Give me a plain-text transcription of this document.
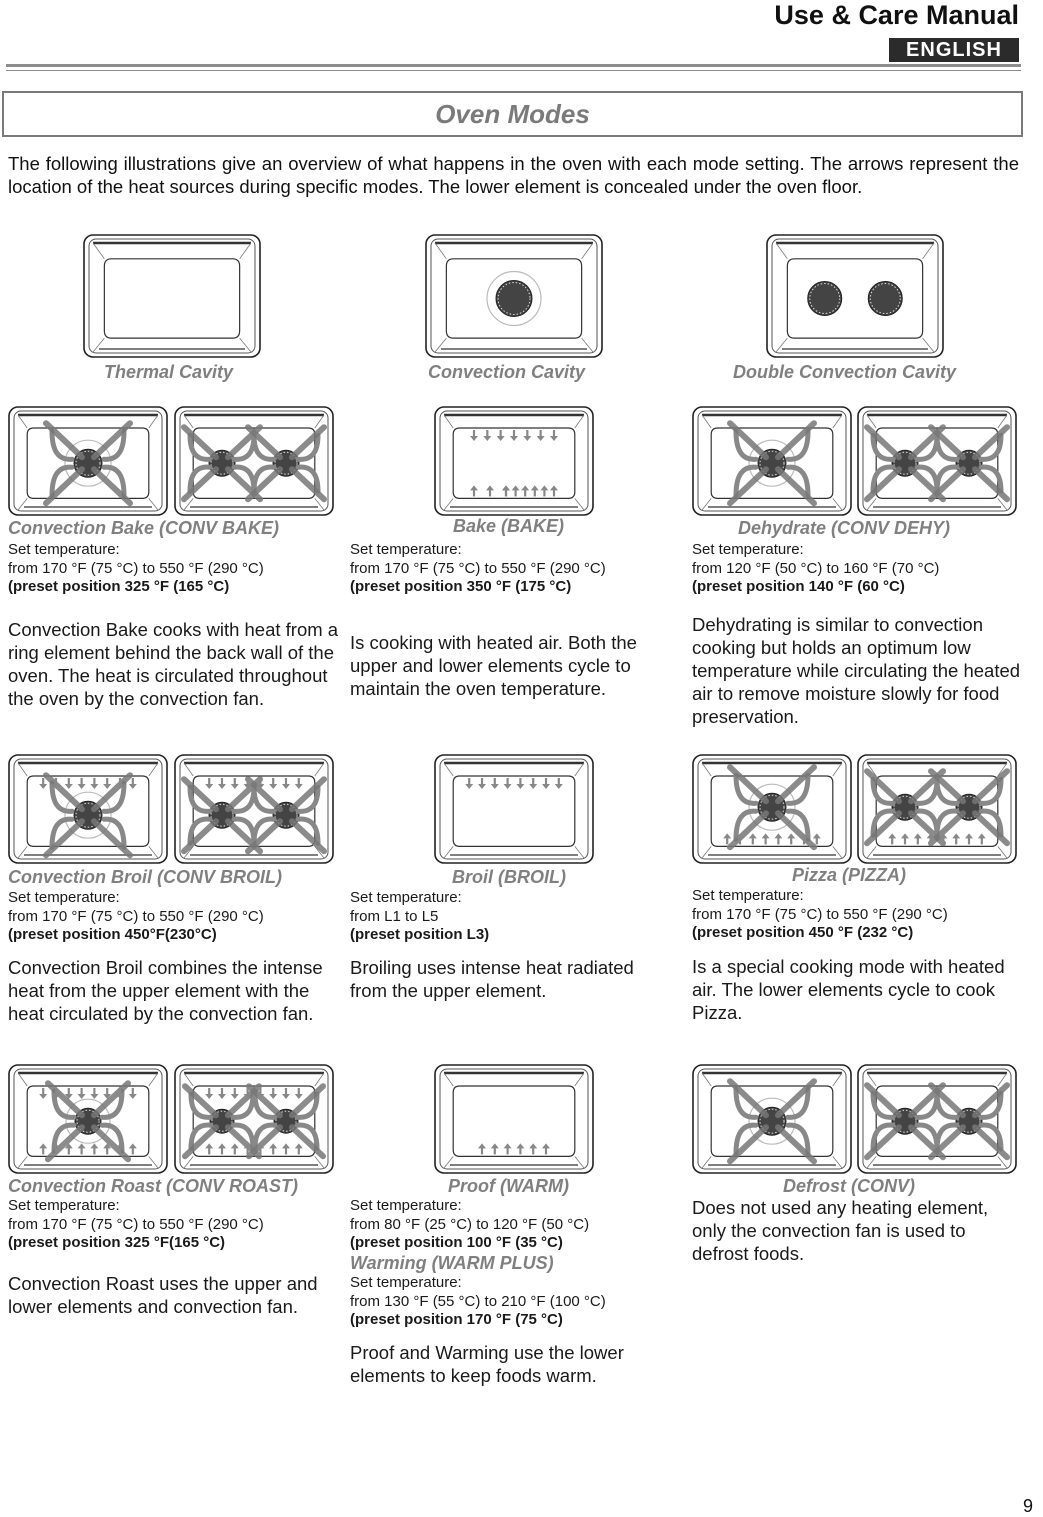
Use & Care Manual
ENGLISH
Oven Modes
The following illustrations give an overview of what happens in the oven with each mode setting. The arrows represent the location of the heat sources during specific modes. The lower element is concealed under the oven floor.
Thermal Cavity	Convection Cavity	Double Convection Cavity
Convection Bake (CONV BAKE)
Set temperature:
from 170 °F (75 °C) to 550 °F (290 °C)
(preset position 325 °F (165 °C)
Convection Bake cooks with heat from a ring element behind the back wall of the oven. The heat is circulated throughout the oven by the convection fan.
Bake (BAKE)
Set temperature:
from 170 °F (75 °C) to 550 °F (290 °C)
(preset position 350 °F (175 °C)
Is cooking with heated air. Both the upper and lower elements cycle to maintain the oven temperature.
Dehydrate (CONV DEHY)
Set temperature:
from 120 °F (50 °C) to 160 °F (70 °C)
(preset position 140 °F (60 °C)
Dehydrating is similar to convection cooking but holds an optimum low temperature while circulating the heated air to remove moisture slowly for food preservation.
Convection Broil (CONV BROIL)
Set temperature:
from 170 °F (75 °C) to 550 °F (290 °C)
(preset position 450°F(230°C)
Convection Broil combines the intense heat from the upper element with the heat circulated by the convection fan.
Broil (BROIL)
Set temperature:
from L1 to L5
(preset position L3)
Broiling uses intense heat radiated from the upper element.
Pizza (PIZZA)
Set temperature:
from 170 °F (75 °C) to 550 °F (290 °C)
(preset position 450 °F (232 °C)
Is a special cooking mode with heated air. The lower elements cycle to cook Pizza.
Convection Roast (CONV ROAST)
Set temperature:
from 170 °F (75 °C) to 550 °F (290 °C)
(preset position 325 °F(165 °C)
Convection Roast uses the upper and lower elements and convection fan.
Proof (WARM)
Set temperature:
from 80 °F (25 °C) to 120 °F (50 °C)
(preset position 100 °F (35 °C)
Warming (WARM PLUS)
Set temperature:
from 130 °F (55 °C) to 210 °F (100 °C)
(preset position 170 °F (75 °C)
Proof and Warming use the lower elements to keep foods warm.
Defrost (CONV)
Does not used any heating element, only the convection fan is used to defrost foods.
9
